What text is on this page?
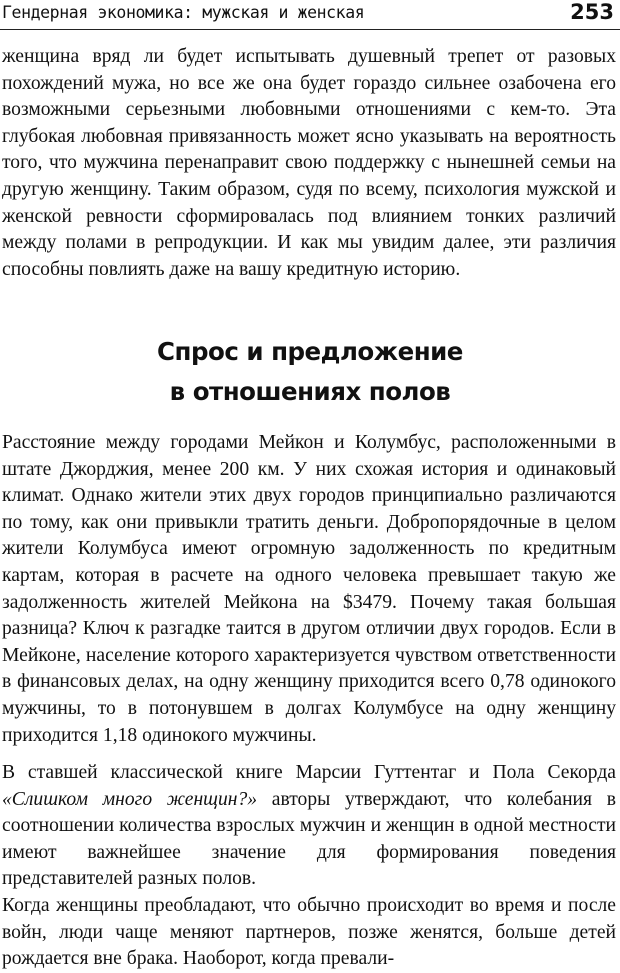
Гендерная экономика: мужская и женская	253

женщина вряд ли будет испытывать душевный трепет от разовых похождений мужа, но все же она будет гораздо сильнее озабочена его возможными серьезными любовными отношениями с кем-то. Эта глубокая любовная привязанность может ясно указывать на вероятность того, что мужчина перенаправит свою поддержку с нынешней семьи на другую женщину. Таким образом, судя по всему, психология мужской и женской ревности сформировалась под влиянием тонких различий между полами в репродукции. И как мы увидим далее, эти различия способны повлиять даже на вашу кредитную историю.

Спрос и предложение
в отношениях полов

Расстояние между городами Мейкон и Колумбус, расположенными в штате Джорджия, менее 200 км. У них схожая история и одинаковый климат. Однако жители этих двух городов принципиально различаются по тому, как они привыкли тратить деньги. Добропорядочные в целом жители Колумбуса имеют огромную задолженность по кредитным картам, которая в расчете на одного человека превышает такую же задолженность жителей Мейкона на $3479. Почему такая большая разница? Ключ к разгадке таится в другом отличии двух городов. Если в Мейконе, население которого характеризуется чувством ответственности в финансовых делах, на одну женщину приходится всего 0,78 одинокого мужчины, то в потонувшем в долгах Колумбусе на одну женщину приходится 1,18 одинокого мужчины.

В ставшей классической книге Марсии Гуттентаг и Пола Секорда «Слишком много женщин?» авторы утверждают, что колебания в соотношении количества взрослых мужчин и женщин в одной местности имеют важнейшее значение для формирования поведения представителей разных полов.

Когда женщины преобладают, что обычно происходит во время и после войн, люди чаще меняют партнеров, позже женятся, больше детей рождается вне брака. Наоборот, когда превали-
